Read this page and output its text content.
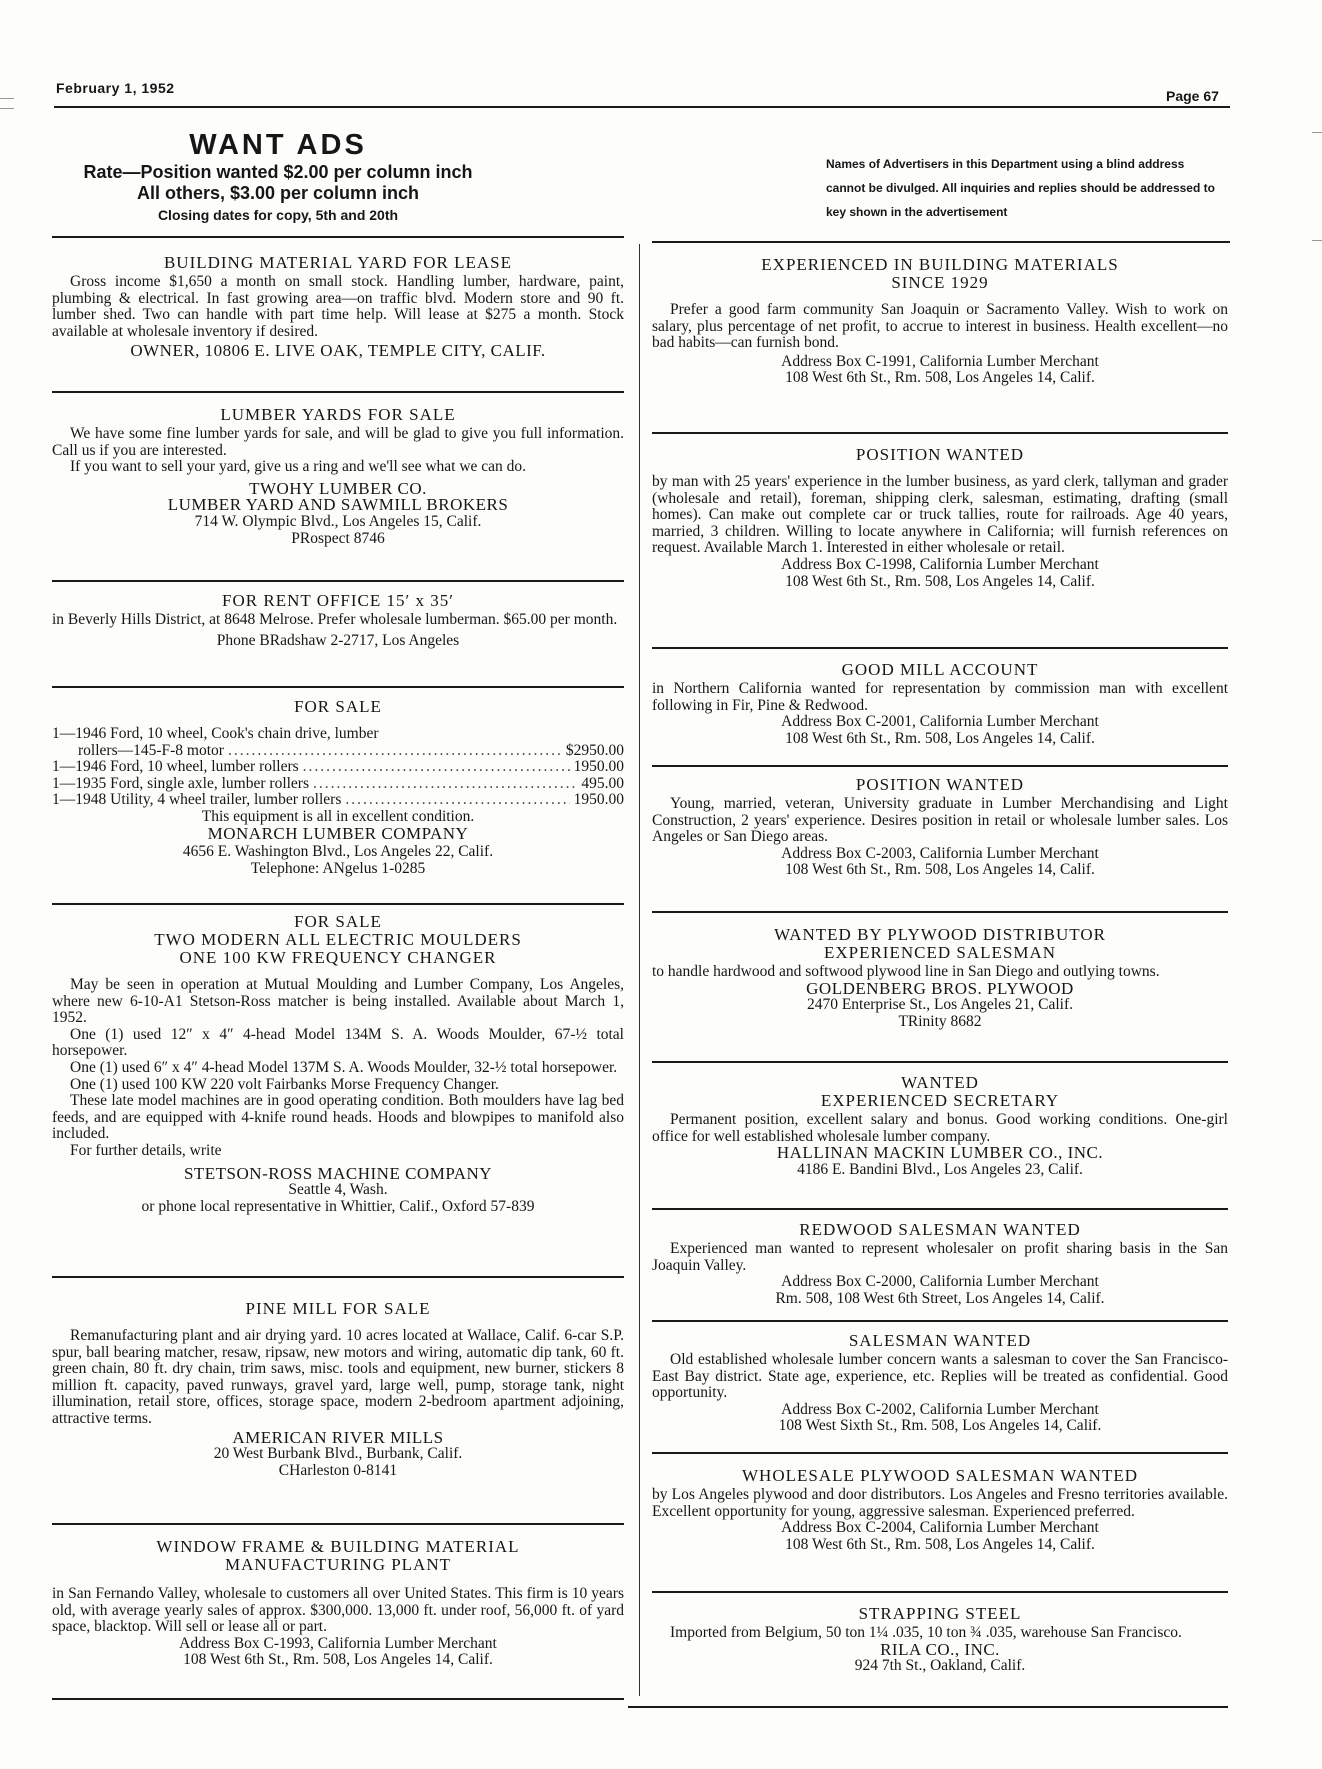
February 1, 1952	Page 67
WANT ADS
Rate—Position wanted $2.00 per column inch
All others, $3.00 per column inch
Closing dates for copy, 5th and 20th
Names of Advertisers in this Department using a blind address cannot be divulged. All inquiries and replies should be addressed to key shown in the advertisement
BUILDING MATERIAL YARD FOR LEASE

Gross income $1,650 a month on small stock. Handling lumber, hardware, paint, plumbing & electrical. In fast growing area—on traffic blvd. Modern store and 90 ft. lumber shed. Two can handle with part time help. Will lease at $275 a month. Stock available at wholesale inventory if desired.

OWNER, 10806 E. LIVE OAK, TEMPLE CITY, CALIF.

LUMBER YARDS FOR SALE

We have some fine lumber yards for sale, and will be glad to give you full information. Call us if you are interested.

If you want to sell your yard, give us a ring and we'll see what we can do.

TWOHY LUMBER CO.

LUMBER YARD AND SAWMILL BROKERS

714 W. Olympic Blvd., Los Angeles 15, Calif.

PRospect 8746

FOR RENT OFFICE 15′ x 35′

in Beverly Hills District, at 8648 Melrose. Prefer wholesale lumberman. $65.00 per month.

Phone BRadshaw 2-2717, Los Angeles

FOR SALE

1—1946 Ford, 10 wheel, Cook's chain drive, lumber

rollers—145-F-8 motor .....	$2950.00
1—1946 Ford, 10 wheel, lumber rollers .....	1950.00
1—1935 Ford, single axle, lumber rollers .....	495.00
1—1948 Utility, 4 wheel trailer, lumber rollers .....	1950.00

This equipment is all in excellent condition.

MONARCH LUMBER COMPANY

4656 E. Washington Blvd., Los Angeles 22, Calif.

Telephone: ANgelus 1-0285

FOR SALE
TWO MODERN ALL ELECTRIC MOULDERS
ONE 100 KW FREQUENCY CHANGER

May be seen in operation at Mutual Moulding and Lumber Company, Los Angeles, where new 6-10-A1 Stetson-Ross matcher is being installed. Available about March 1, 1952.

One (1) used 12″ x 4″ 4-head Model 134M S. A. Woods Moulder, 67-½ total horsepower.

One (1) used 6″ x 4″ 4-head Model 137M S. A. Woods Moulder, 32-½ total horsepower.

One (1) used 100 KW 220 volt Fairbanks Morse Frequency Changer.

These late model machines are in good operating condition. Both moulders have lag bed feeds, and are equipped with 4-knife round heads. Hoods and blowpipes to manifold also included.

For further details, write

STETSON-ROSS MACHINE COMPANY

Seattle 4, Wash.

or phone local representative in Whittier, Calif., Oxford 57-839

PINE MILL FOR SALE

Remanufacturing plant and air drying yard. 10 acres located at Wallace, Calif. 6-car S.P. spur, ball bearing matcher, resaw, ripsaw, new motors and wiring, automatic dip tank, 60 ft. green chain, 80 ft. dry chain, trim saws, misc. tools and equipment, new burner, stickers 8 million ft. capacity, paved runways, gravel yard, large well, pump, storage tank, night illumination, retail store, offices, storage space, modern 2-bedroom apartment adjoining, attractive terms.

AMERICAN RIVER MILLS

20 West Burbank Blvd., Burbank, Calif.

CHarleston 0-8141

WINDOW FRAME & BUILDING MATERIAL
MANUFACTURING PLANT

in San Fernando Valley, wholesale to customers all over United States. This firm is 10 years old, with average yearly sales of approx. $300,000. 13,000 ft. under roof, 56,000 ft. of yard space, blacktop. Will sell or lease all or part.

Address Box C-1993, California Lumber Merchant

108 West 6th St., Rm. 508, Los Angeles 14, Calif.

EXPERIENCED IN BUILDING MATERIALS
SINCE 1929

Prefer a good farm community San Joaquin or Sacramento Valley. Wish to work on salary, plus percentage of net profit, to accrue to interest in business. Health excellent—no bad habits—can furnish bond.

Address Box C-1991, California Lumber Merchant

108 West 6th St., Rm. 508, Los Angeles 14, Calif.

POSITION WANTED

by man with 25 years' experience in the lumber business, as yard clerk, tallyman and grader (wholesale and retail), foreman, shipping clerk, salesman, estimating, drafting (small homes). Can make out complete car or truck tallies, route for railroads. Age 40 years, married, 3 children. Willing to locate anywhere in California; will furnish references on request. Available March 1. Interested in either wholesale or retail.

Address Box C-1998, California Lumber Merchant

108 West 6th St., Rm. 508, Los Angeles 14, Calif.

GOOD MILL ACCOUNT

in Northern California wanted for representation by commission man with excellent following in Fir, Pine & Redwood.

Address Box C-2001, California Lumber Merchant

108 West 6th St., Rm. 508, Los Angeles 14, Calif.

POSITION WANTED

Young, married, veteran, University graduate in Lumber Merchandising and Light Construction, 2 years' experience. Desires position in retail or wholesale lumber sales. Los Angeles or San Diego areas.

Address Box C-2003, California Lumber Merchant

108 West 6th St., Rm. 508, Los Angeles 14, Calif.

WANTED BY PLYWOOD DISTRIBUTOR
EXPERIENCED SALESMAN

to handle hardwood and softwood plywood line in San Diego and outlying towns.

GOLDENBERG BROS. PLYWOOD

2470 Enterprise St., Los Angeles 21, Calif.

TRinity 8682

WANTED
EXPERIENCED SECRETARY

Permanent position, excellent salary and bonus. Good working conditions. One-girl office for well established wholesale lumber company.

HALLINAN MACKIN LUMBER CO., INC.

4186 E. Bandini Blvd., Los Angeles 23, Calif.

REDWOOD SALESMAN WANTED

Experienced man wanted to represent wholesaler on profit sharing basis in the San Joaquin Valley.

Address Box C-2000, California Lumber Merchant

Rm. 508, 108 West 6th Street, Los Angeles 14, Calif.

SALESMAN WANTED

Old established wholesale lumber concern wants a salesman to cover the San Francisco-East Bay district. State age, experience, etc. Replies will be treated as confidential. Good opportunity.

Address Box C-2002, California Lumber Merchant

108 West Sixth St., Rm. 508, Los Angeles 14, Calif.

WHOLESALE PLYWOOD SALESMAN WANTED

by Los Angeles plywood and door distributors. Los Angeles and Fresno territories available. Excellent opportunity for young, aggressive salesman. Experienced preferred.

Address Box C-2004, California Lumber Merchant

108 West 6th St., Rm. 508, Los Angeles 14, Calif.

STRAPPING STEEL

Imported from Belgium, 50 ton 1¼ .035, 10 ton ¾ .035, warehouse San Francisco.

RILA CO., INC.

924 7th St., Oakland, Calif.
